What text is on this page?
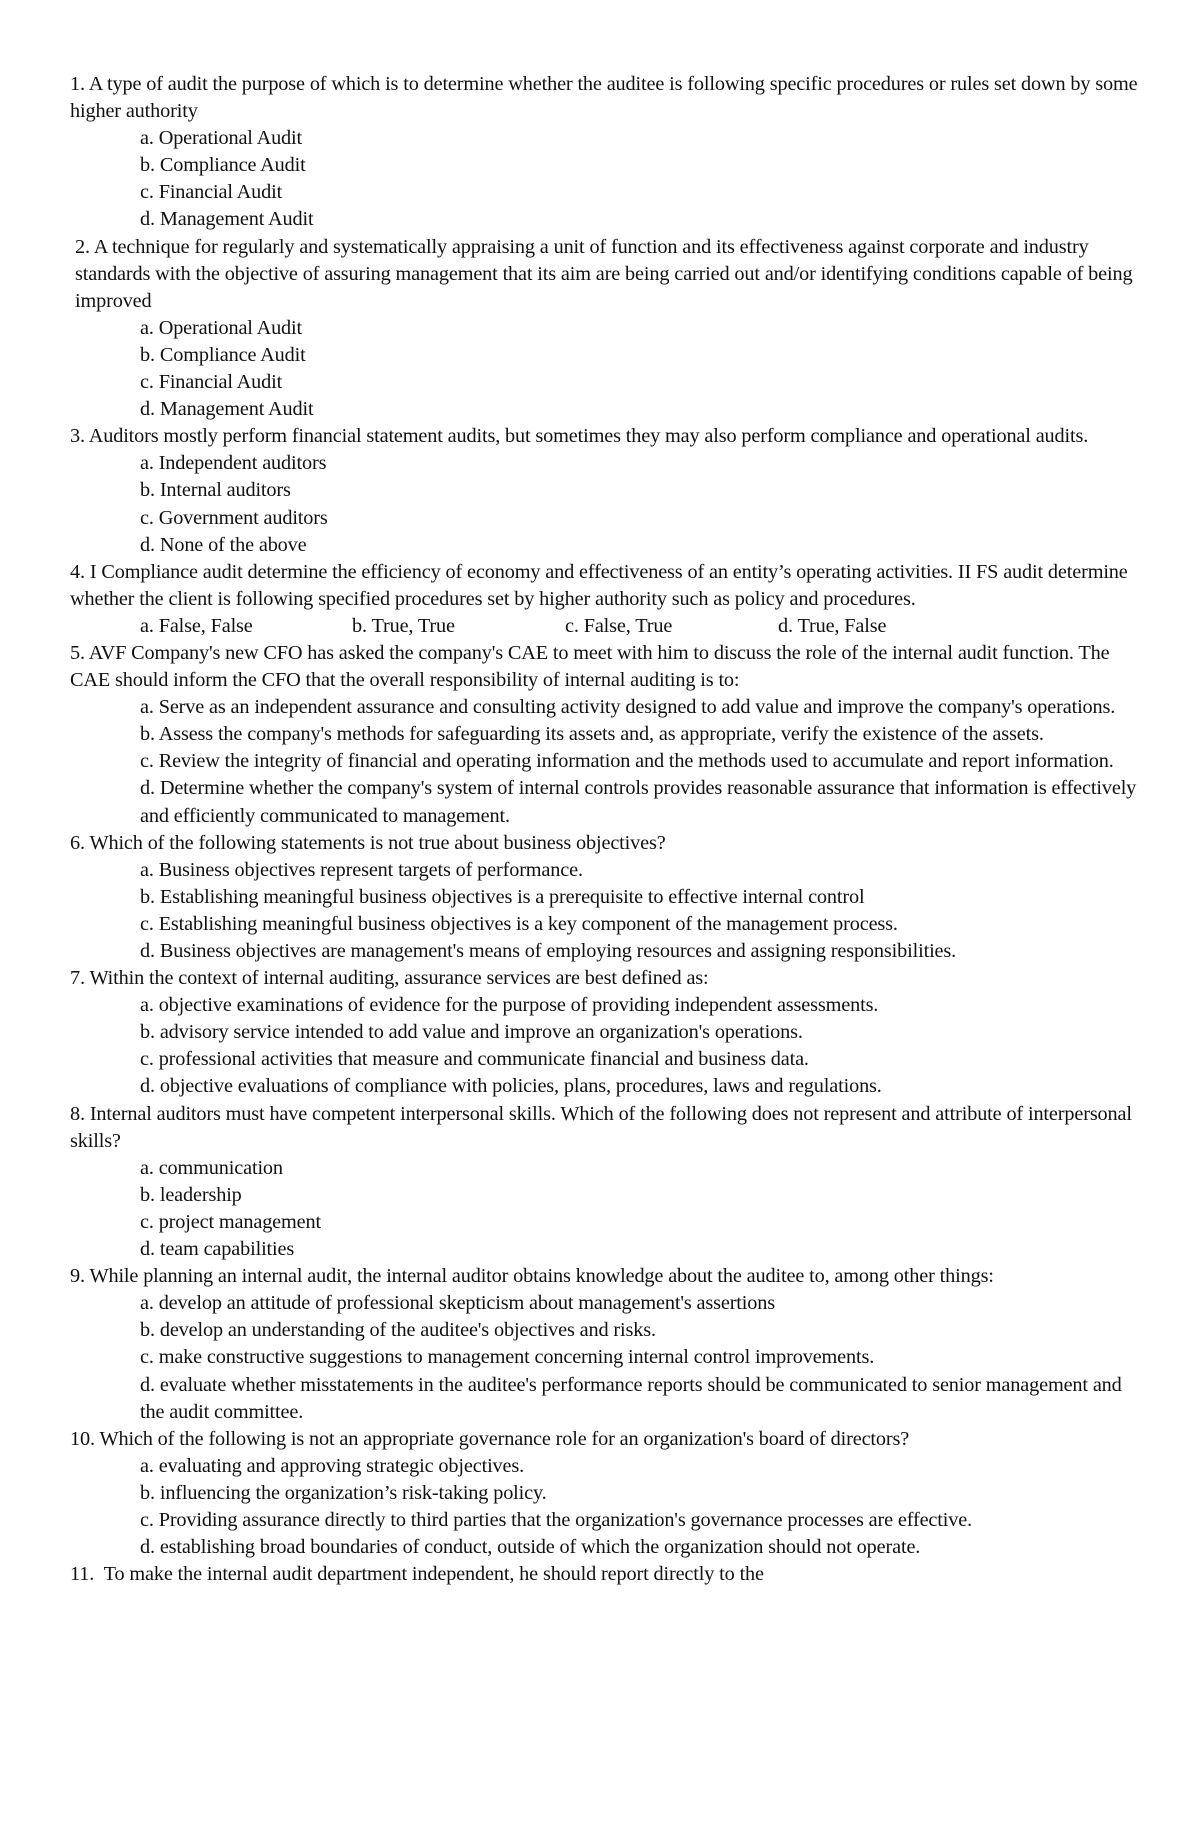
1. A type of audit the purpose of which is to determine whether the auditee is following specific procedures or rules set down by some higher authority
a. Operational Audit
b. Compliance Audit
c. Financial Audit
d. Management Audit
2. A technique for regularly and systematically appraising a unit of function and its effectiveness against corporate and industry standards with the objective of assuring management that its aim are being carried out and/or identifying conditions capable of being improved
a. Operational Audit
b. Compliance Audit
c. Financial Audit
d. Management Audit
3. Auditors mostly perform financial statement audits, but sometimes they may also perform compliance and operational audits.
a. Independent auditors
b. Internal auditors
c. Government auditors
d. None of the above
4. I Compliance audit determine the efficiency of economy and effectiveness of an entity’s operating activities. II FS audit determine whether the client is following specified procedures set by higher authority such as policy and procedures.
a. False, False	b. True, True	c. False, True	d. True, False
5. AVF Company's new CFO has asked the company's CAE to meet with him to discuss the role of the internal audit function. The CAE should inform the CFO that the overall responsibility of internal auditing is to:
a. Serve as an independent assurance and consulting activity designed to add value and improve the company's operations.
b. Assess the company's methods for safeguarding its assets and, as appropriate, verify the existence of the assets.
c. Review the integrity of financial and operating information and the methods used to accumulate and report information.
d. Determine whether the company's system of internal controls provides reasonable assurance that information is effectively and efficiently communicated to management.
6. Which of the following statements is not true about business objectives?
a. Business objectives represent targets of performance.
b. Establishing meaningful business objectives is a prerequisite to effective internal control
c. Establishing meaningful business objectives is a key component of the management process.
d. Business objectives are management's means of employing resources and assigning responsibilities.
7. Within the context of internal auditing, assurance services are best defined as:
a. objective examinations of evidence for the purpose of providing independent assessments.
b. advisory service intended to add value and improve an organization's operations.
c. professional activities that measure and communicate financial and business data.
d. objective evaluations of compliance with policies, plans, procedures, laws and regulations.
8. Internal auditors must have competent interpersonal skills. Which of the following does not represent and attribute of interpersonal skills?
a. communication
b. leadership
c. project management
d. team capabilities
9. While planning an internal audit, the internal auditor obtains knowledge about the auditee to, among other things:
a. develop an attitude of professional skepticism about management's assertions
b. develop an understanding of the auditee's objectives and risks.
c. make constructive suggestions to management concerning internal control improvements.
d. evaluate whether misstatements in the auditee's performance reports should be communicated to senior management and the audit committee.
10. Which of the following is not an appropriate governance role for an organization's board of directors?
a. evaluating and approving strategic objectives.
b. influencing the organization’s risk-taking policy.
c. Providing assurance directly to third parties that the organization's governance processes are effective.
d. establishing broad boundaries of conduct, outside of which the organization should not operate.
11.  To make the internal audit department independent, he should report directly to the
